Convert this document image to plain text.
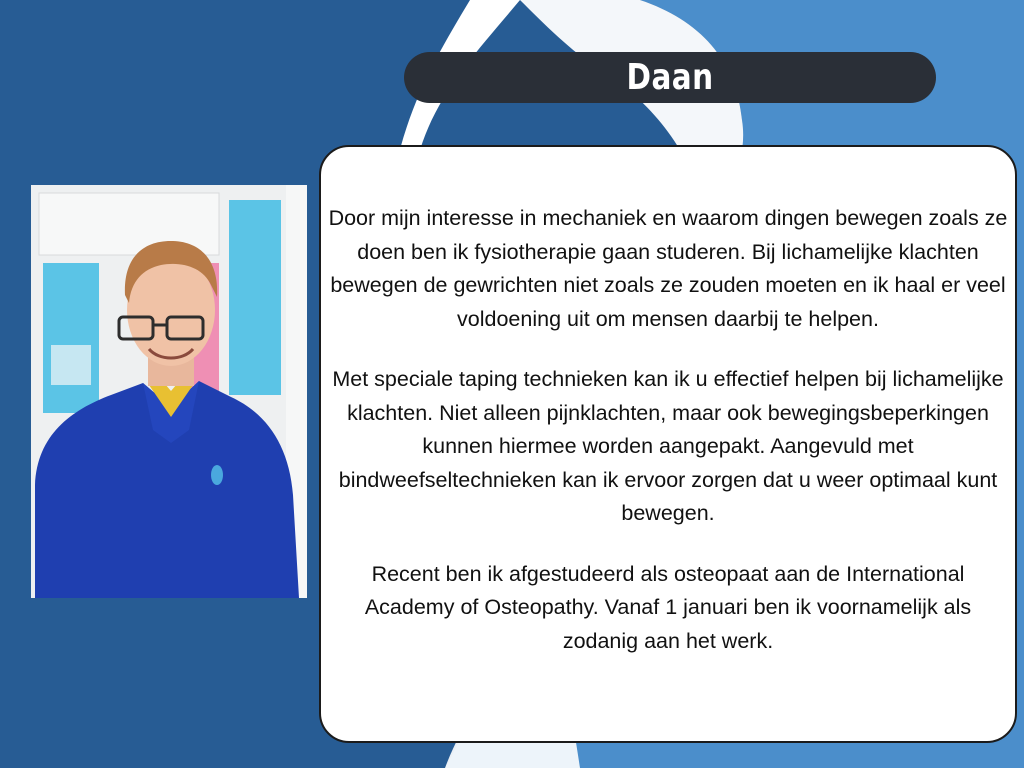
Daan

Door mijn interesse in mechaniek en waarom dingen bewegen zoals ze doen ben ik fysiotherapie gaan studeren. Bij lichamelijke klachten bewegen de gewrichten niet zoals ze zouden moeten en ik haal er veel voldoening uit om mensen daarbij te helpen.

Met speciale taping technieken kan ik u effectief helpen bij lichamelijke klachten. Niet alleen pijnklachten, maar ook bewegingsbeperkingen kunnen hiermee worden aangepakt. Aangevuld met bindweefseltechnieken kan ik ervoor zorgen dat u weer optimaal kunt bewegen.

Recent ben ik afgestudeerd als osteopaat aan de International Academy of Osteopathy. Vanaf 1 januari ben ik voornamelijk als zodanig aan het werk.
